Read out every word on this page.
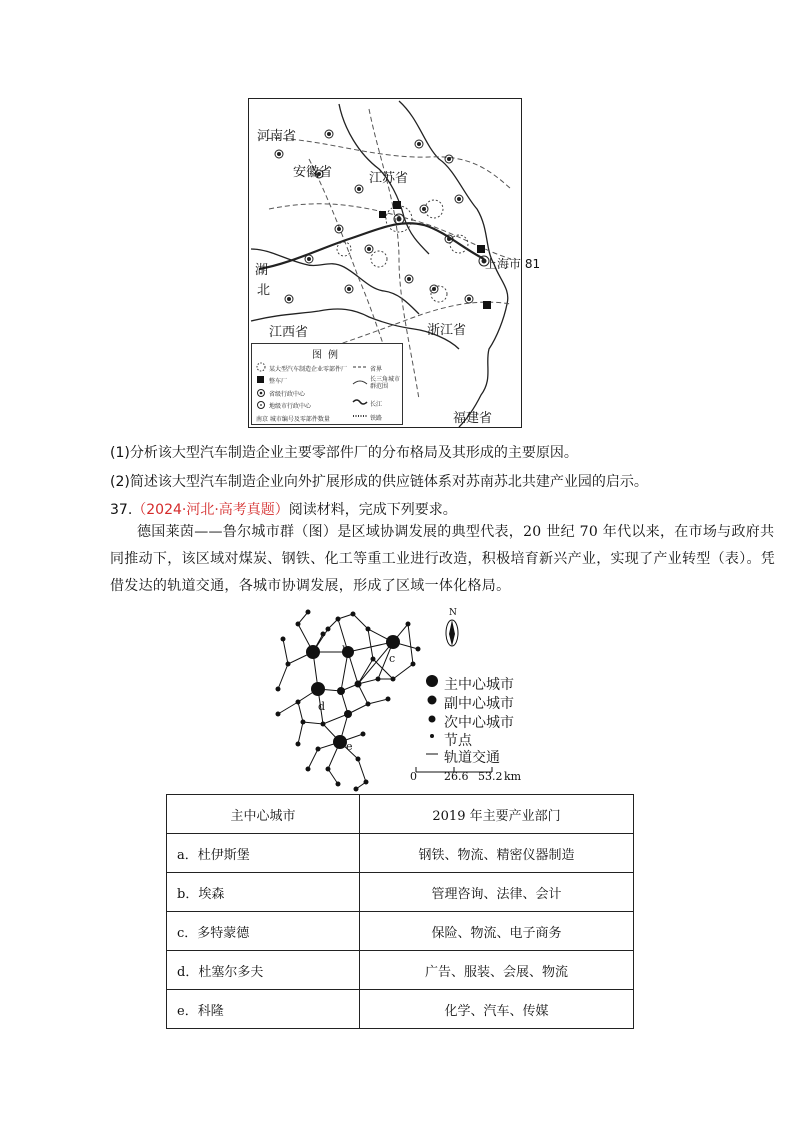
河南省
安徽省	江苏省
湖
北
江西省	浙江省
福建省
上海市 81
图例
某大型汽车制造企业零部件厂
整车厂
省级行政中心
地级市行政中心
南京 城市编号及零部件数量
省界
长三角城市群范围
长江
铁路
(1)分析该大型汽车制造企业主要零部件厂的分布格局及其形成的主要原因。
(2)简述该大型汽车制造企业向外扩展形成的供应链体系对苏南苏北共建产业园的启示。
37.（2024·河北·高考真题）阅读材料，完成下列要求。
德国莱茵——鲁尔城市群（图）是区域协调发展的典型代表，20 世纪 70 年代以来，在市场与政府共
同推动下，该区域对煤炭、钢铁、化工等重工业进行改造，积极培育新兴产业，实现了产业转型（表）。凭
借发达的轨道交通，各城市协调发展，形成了区域一体化格局。
a b
c
d
e
N
主中心城市
副中心城市
次中心城市
节点
轨道交通
0 26.6 53.2 km
主中心城市	2019 年主要产业部门
a．杜伊斯堡	钢铁、物流、精密仪器制造
b．埃森	管理咨询、法律、会计
c．多特蒙德	保险、物流、电子商务
d．杜塞尔多夫	广告、服装、会展、物流
e．科隆	化学、汽车、传媒
